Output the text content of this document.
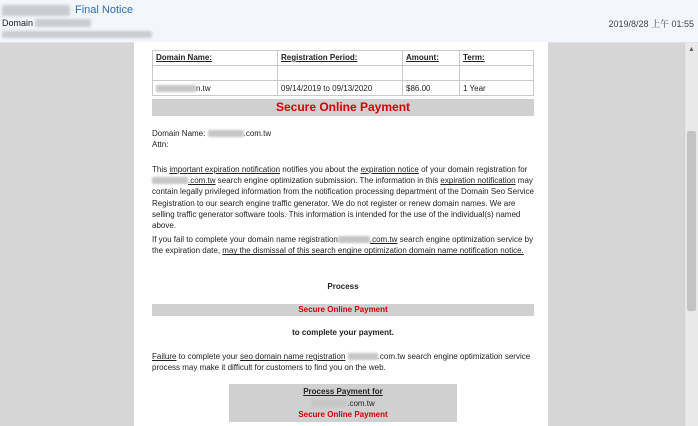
Final Notice
Domain	2019/8/28 上午 01:55
▲
Domain Name:	Registration Period:	Amount:	Term:

n.tw	09/14/2019 to 09/13/2020	$86.00	1 Year
Secure Online Payment
Domain Name:	.com.tw
Attn:
This important expiration notification notifies you about the expiration notice of your domain registration for.com.tw search engine optimization submission. The information in this expiration notification may contain legally privileged information from the notification processing department of the Domain Seo Service Registration to our search engine traffic generator. We do not register or renew domain names. We are selling traffic generator software tools. This information is intended for the use of the individual(s) named above.
If you fail to complete your domain name registration	.com.tw search engine optimization service by the expiration date, may the dismissal of this search engine optimization domain name notification notice.
Process
Secure Online Payment
to complete your payment.
Failure to complete your seo domain name registration	.com.tw search engine optimization service process may make it difficult for customers to find you on the web.
Process Payment for
.com.tw
Secure Online Payment
